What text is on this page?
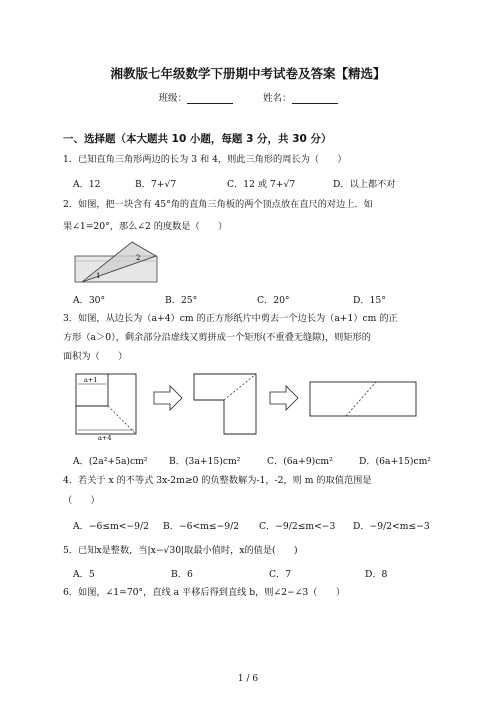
湘教版七年级数学下册期中考试卷及答案【精选】
班级：	姓名：
一、选择题（本大题共 10 小题，每题 3 分，共 30 分）
1．已知直角三角形两边的长为 3 和 4，则此三角形的周长为（　　）
A．12	B．7+√7	C．12 或 7+√7	D．以上都不对
2．如图，把一块含有 45°角的直角三角板的两个顶点放在直尺的对边上．如
果∠1=20°，那么∠2 的度数是（　　）
2
1
A．30°	B．25°	C．20°	D．15°
3．如图，从边长为（a+4）cm 的正方形纸片中剪去一个边长为（a+1）cm 的正
方形（a＞0），剩余部分沿虚线又剪拼成一个矩形(不重叠无缝隙)，则矩形的
面积为（　　）
a+1
a+4
A．(2a²+5a)cm² B．(3a+15)cm²	C．(6a+9)cm²	D．(6a+15)cm²
4．若关于 x 的不等式 3x-2m≥0 的负整数解为-1，-2，则 m 的取值范围是
（　　）
A．−6≤m<−9/2 B．−6<m≤−9/2 C．−9/2≤m<−3 D．−9/2<m≤−3
5．已知x是整数，当|x−√30|取最小值时，x的值是(　　)
A．5	B．6	C．7	D．8
6．如图，∠1=70°，直线 a 平移后得到直线 b，则∠2−∠3（　　）
1 / 6
